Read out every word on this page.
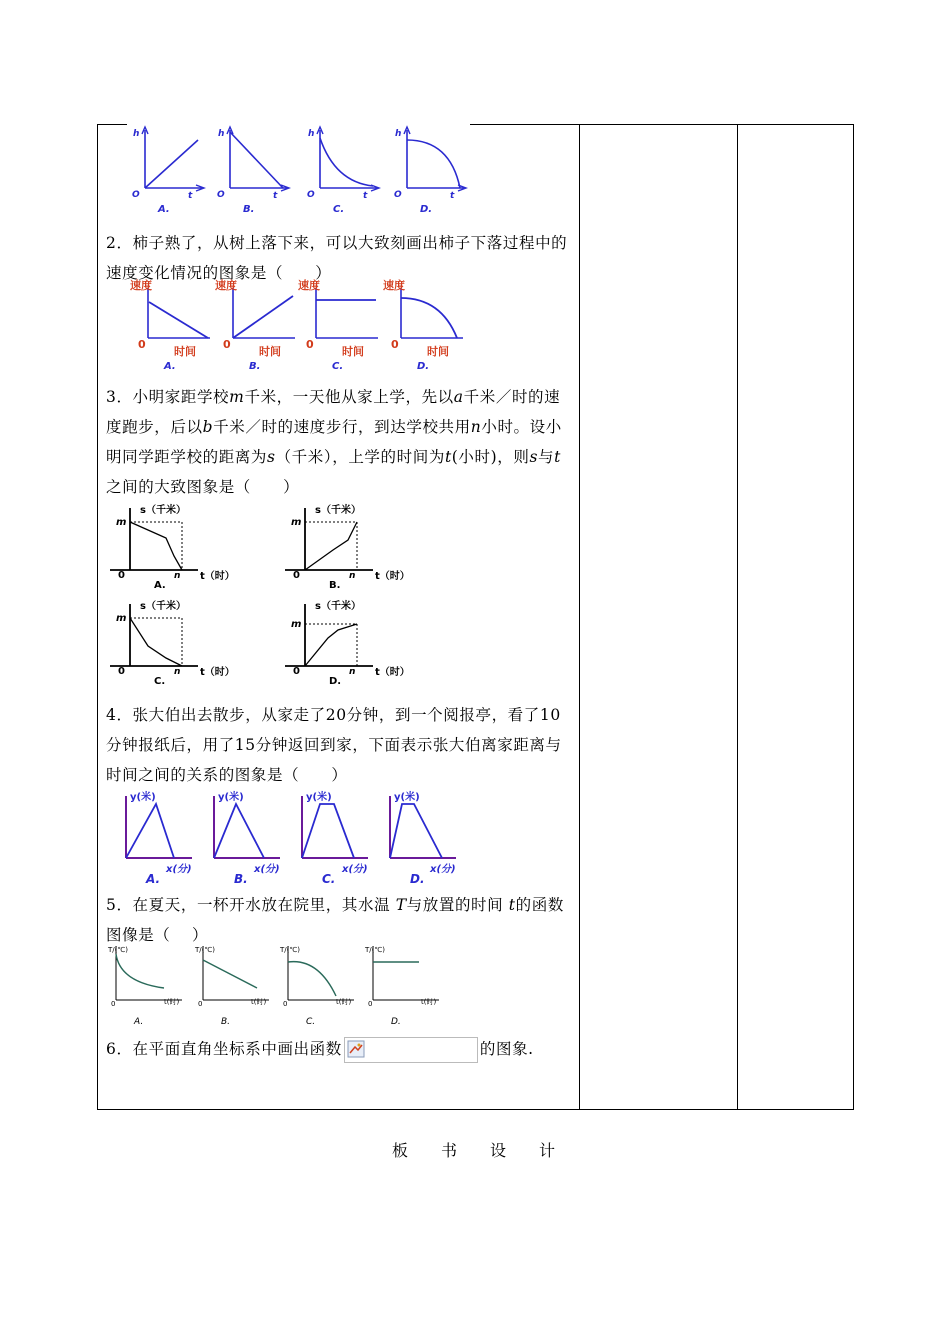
h
t
O
A.
h
t
O
B.
h
t
O
C.
h
t
O
D.
2．柿子熟了，从树上落下来，可以大致刻画出柿子下落过程中的速度变化情况的图象是（　　）
速度
时间
0
A.
速度
时间
0
B.
速度
时间
0
C.
速度
时间
0
D.
3．小明家距学校m千米，一天他从家上学，先以a千米／时的速度跑步，后以b千米／时的速度步行，到达学校共用n小时。设小明同学距学校的距离为s（千米），上学的时间为t(小时)，则s与t之间的大致图象是（　　）
s（千米）
t（时）
m
n
0
A.
s（千米）
t（时）
m
n
0
B.
s（千米）
t（时）
m
n
0
C.
s（千米）
t（时）
m
n
0
D.
4．张大伯出去散步，从家走了20分钟，到一个阅报亭，看了10分钟报纸后，用了15分钟返回到家，下面表示张大伯离家距离与时间之间的关系的图象是（　　）
y(米)
x(分)
A.
y(米)
x(分)
B.
y(米)
x(分)
C.
y(米)
x(分)
D.
5．在夏天，一杯开水放在院里，其水温 T与放置的时间 t的函数图像是（　 ）
T/(℃)
t(时)
0
A.
T/(℃)
t(时)
0
B.
T/(℃)
t(时)
0
C.
T/(℃)
t(时)
0
D.
6．在平面直角坐标系中画出函数	的图象.
板 书 设 计
